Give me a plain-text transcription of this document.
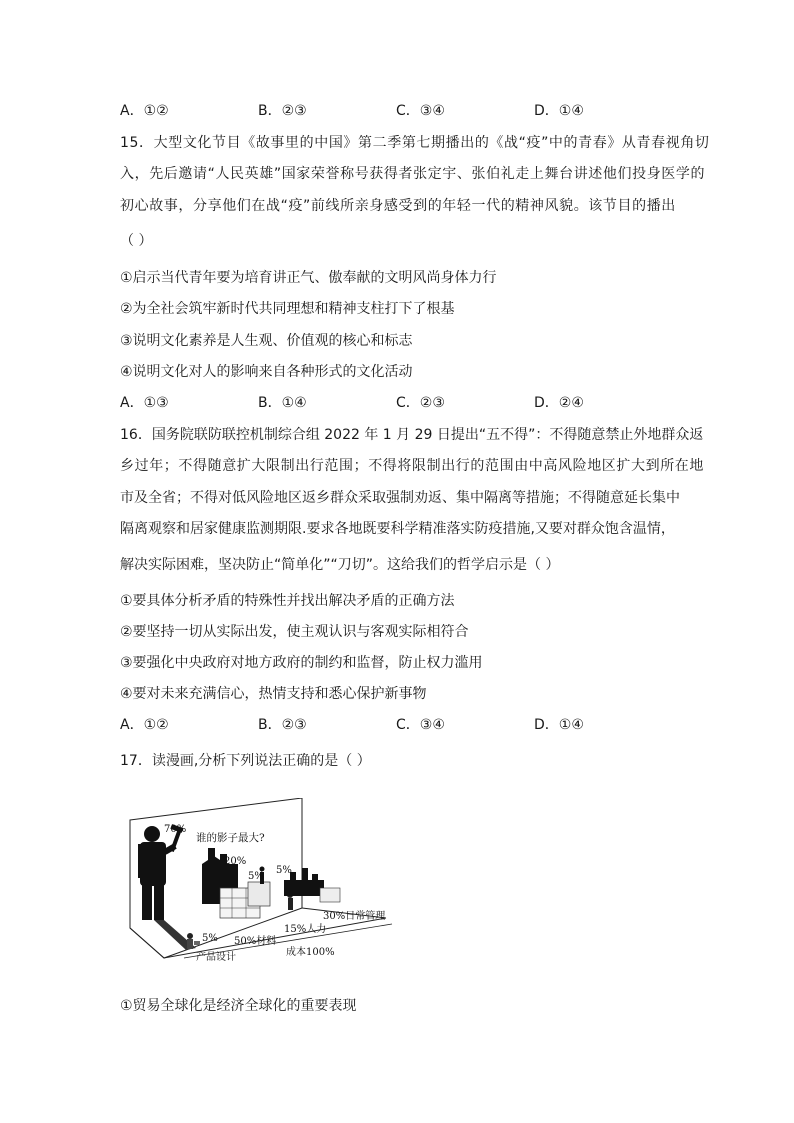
A．①②	B．②③	C．③④	D．①④
15．大型文化节目《故事里的中国》第二季第七期播出的《战“疫”中的青春》从青春视角切
入，先后邀请“人民英雄”国家荣誉称号获得者张定宇、张伯礼走上舞台讲述他们投身医学的
初心故事，分享他们在战“疫”前线所亲身感受到的年轻一代的精神风貌。该节目的播出
（ ）
①启示当代青年要为培育讲正气、傲奉献的文明风尚身体力行
②为全社会筑牢新时代共同理想和精神支柱打下了根基
③说明文化素养是人生观、价值观的核心和标志
④说明文化对人的影响来自各种形式的文化活动
A．①③	B．①④	C．②③	D．②④
16．国务院联防联控机制综合组 2022 年 1 月 29 日提出“五不得”：不得随意禁止外地群众返
乡过年；不得随意扩大限制出行范围；不得将限制出行的范围由中高风险地区扩大到所在地
市及全省；不得对低风险地区返乡群众采取强制劝返、集中隔离等措施；不得随意延长集中
隔离观察和居家健康监测期限.要求各地既要科学精准落实防疫措施,又要对群众饱含温情，
解决实际困难，坚决防止“简单化”“刀切”。这给我们的哲学启示是（ ）
①要具体分析矛盾的特殊性并找出解决矛盾的正确方法
②要坚持一切从实际出发，使主观认识与客观实际相符合
③要强化中央政府对地方政府的制约和监督，防止权力滥用
④要对未来充满信心，热情支持和悉心保护新事物
A．①②	B．②③	C．③④	D．①④
17．读漫画,分析下列说法正确的是（ ）
70%
谁的影子最大?
20%
5%
5%
30%日常管理
15%人力
5% 50%材料
产品设计	成本100%
①贸易全球化是经济全球化的重要表现
